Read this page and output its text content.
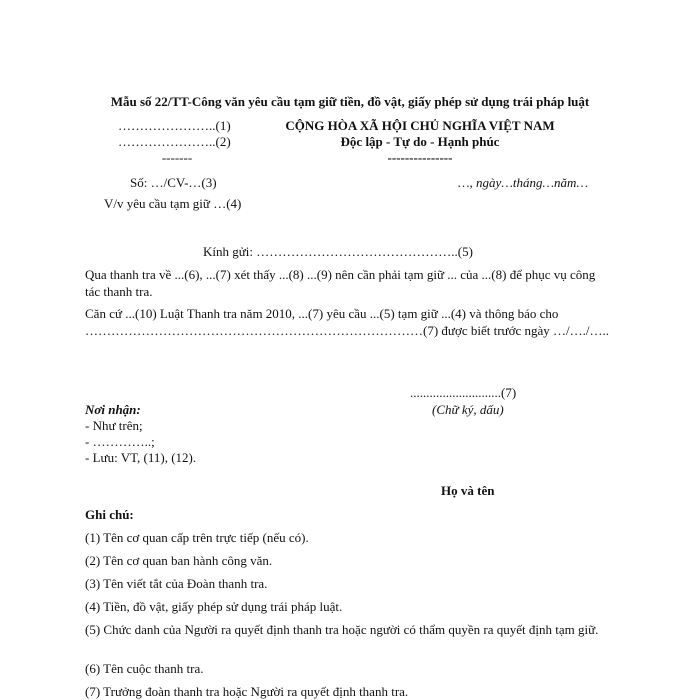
Mẫu số 22/TT-Công văn yêu cầu tạm giữ tiền, đồ vật, giấy phép sử dụng trái pháp luật
…………………..(1)
…………………..(2)
-------
CỘNG HÒA XÃ HỘI CHỦ NGHĨA VIỆT NAM
Độc lập - Tự do - Hạnh phúc
---------------
Số: …/CV-…(3)	…, ngày…tháng…năm…
V/v yêu cầu tạm giữ …(4)
Kính gửi: ………………………………………..(5)
Qua thanh tra về ...(6), ...(7) xét thấy ...(8) ...(9) nên cần phải tạm giữ ... của ...(8) để phục vụ công tác thanh tra.
Căn cứ ...(10) Luật Thanh tra năm 2010, ...(7) yêu cầu ...(5) tạm giữ ...(4) và thông báo cho ……………………………………………………………………(7) được biết trước ngày …/…./…..
............................(7)
Nơi nhận:	(Chữ ký, dấu)
- Như trên;
- …………..;
- Lưu: VT, (11), (12).
Họ và tên
Ghi chú:
(1) Tên cơ quan cấp trên trực tiếp (nếu có).
(2) Tên cơ quan ban hành công văn.
(3) Tên viết tắt của Đoàn thanh tra.
(4) Tiền, đồ vật, giấy phép sử dụng trái pháp luật.
(5) Chức danh của Người ra quyết định thanh tra hoặc người có thẩm quyền ra quyết định tạm giữ.
(6) Tên cuộc thanh tra.
(7) Trưởng đoàn thanh tra hoặc Người ra quyết định thanh tra.
